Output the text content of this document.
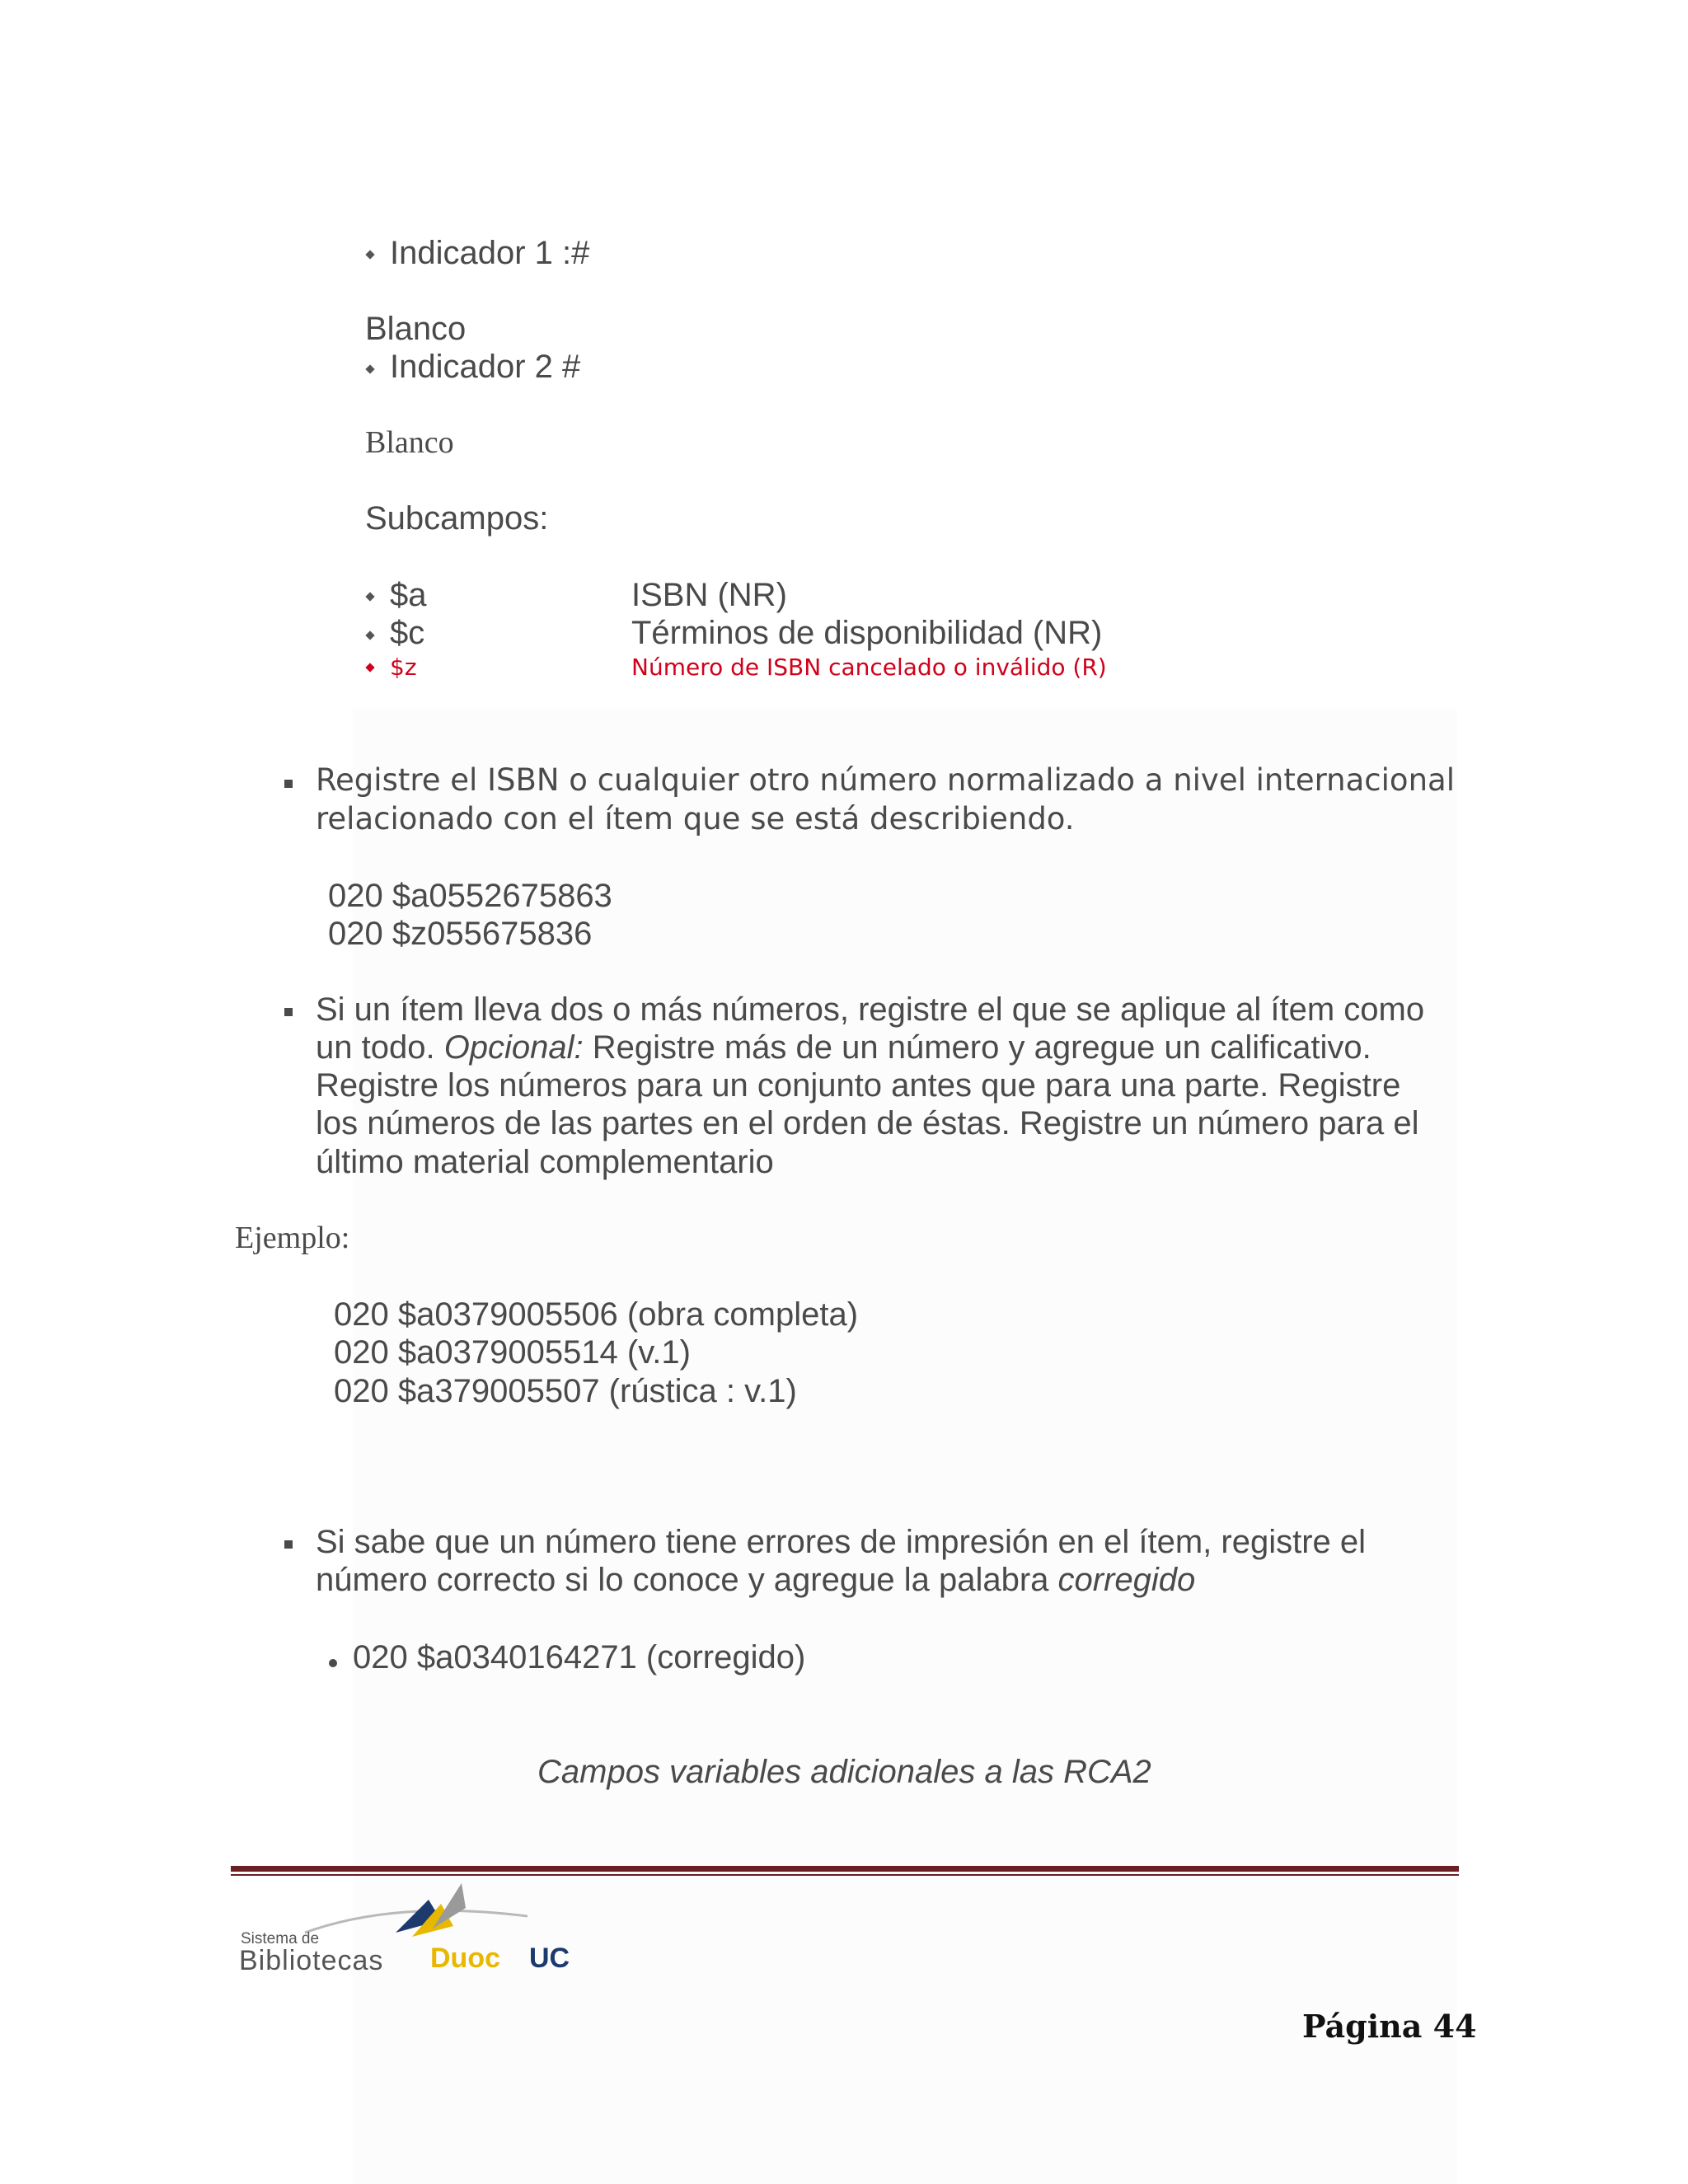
Indicador 1 :#
Blanco
Indicador 2 #
Blanco
Subcampos:
$a	ISBN (NR)
$c	Términos de disponibilidad (NR)
$z	Número de ISBN cancelado o inválido (R)
Registre el ISBN o cualquier otro número normalizado a nivel internacional
relacionado con el ítem que se está describiendo.
020 $a0552675863
020 $z055675836
Si un ítem lleva dos o más números, registre el que se aplique al ítem como
un todo. Opcional: Registre más de un número y agregue un calificativo.
Registre los números para un conjunto antes que para una parte. Registre
los números de las partes en el orden de éstas. Registre un número para el
último material complementario
Ejemplo:
020 $a0379005506 (obra completa)
020 $a0379005514 (v.1)
020 $a379005507 (rústica : v.1)
Si sabe que un número tiene errores de impresión en el ítem, registre el
número correcto si lo conoce y agregue la palabra corregido
020 $a0340164271 (corregido)
Campos variables adicionales a las RCA2
Sistema de
Bibliotecas Duoc UC
Página 44
